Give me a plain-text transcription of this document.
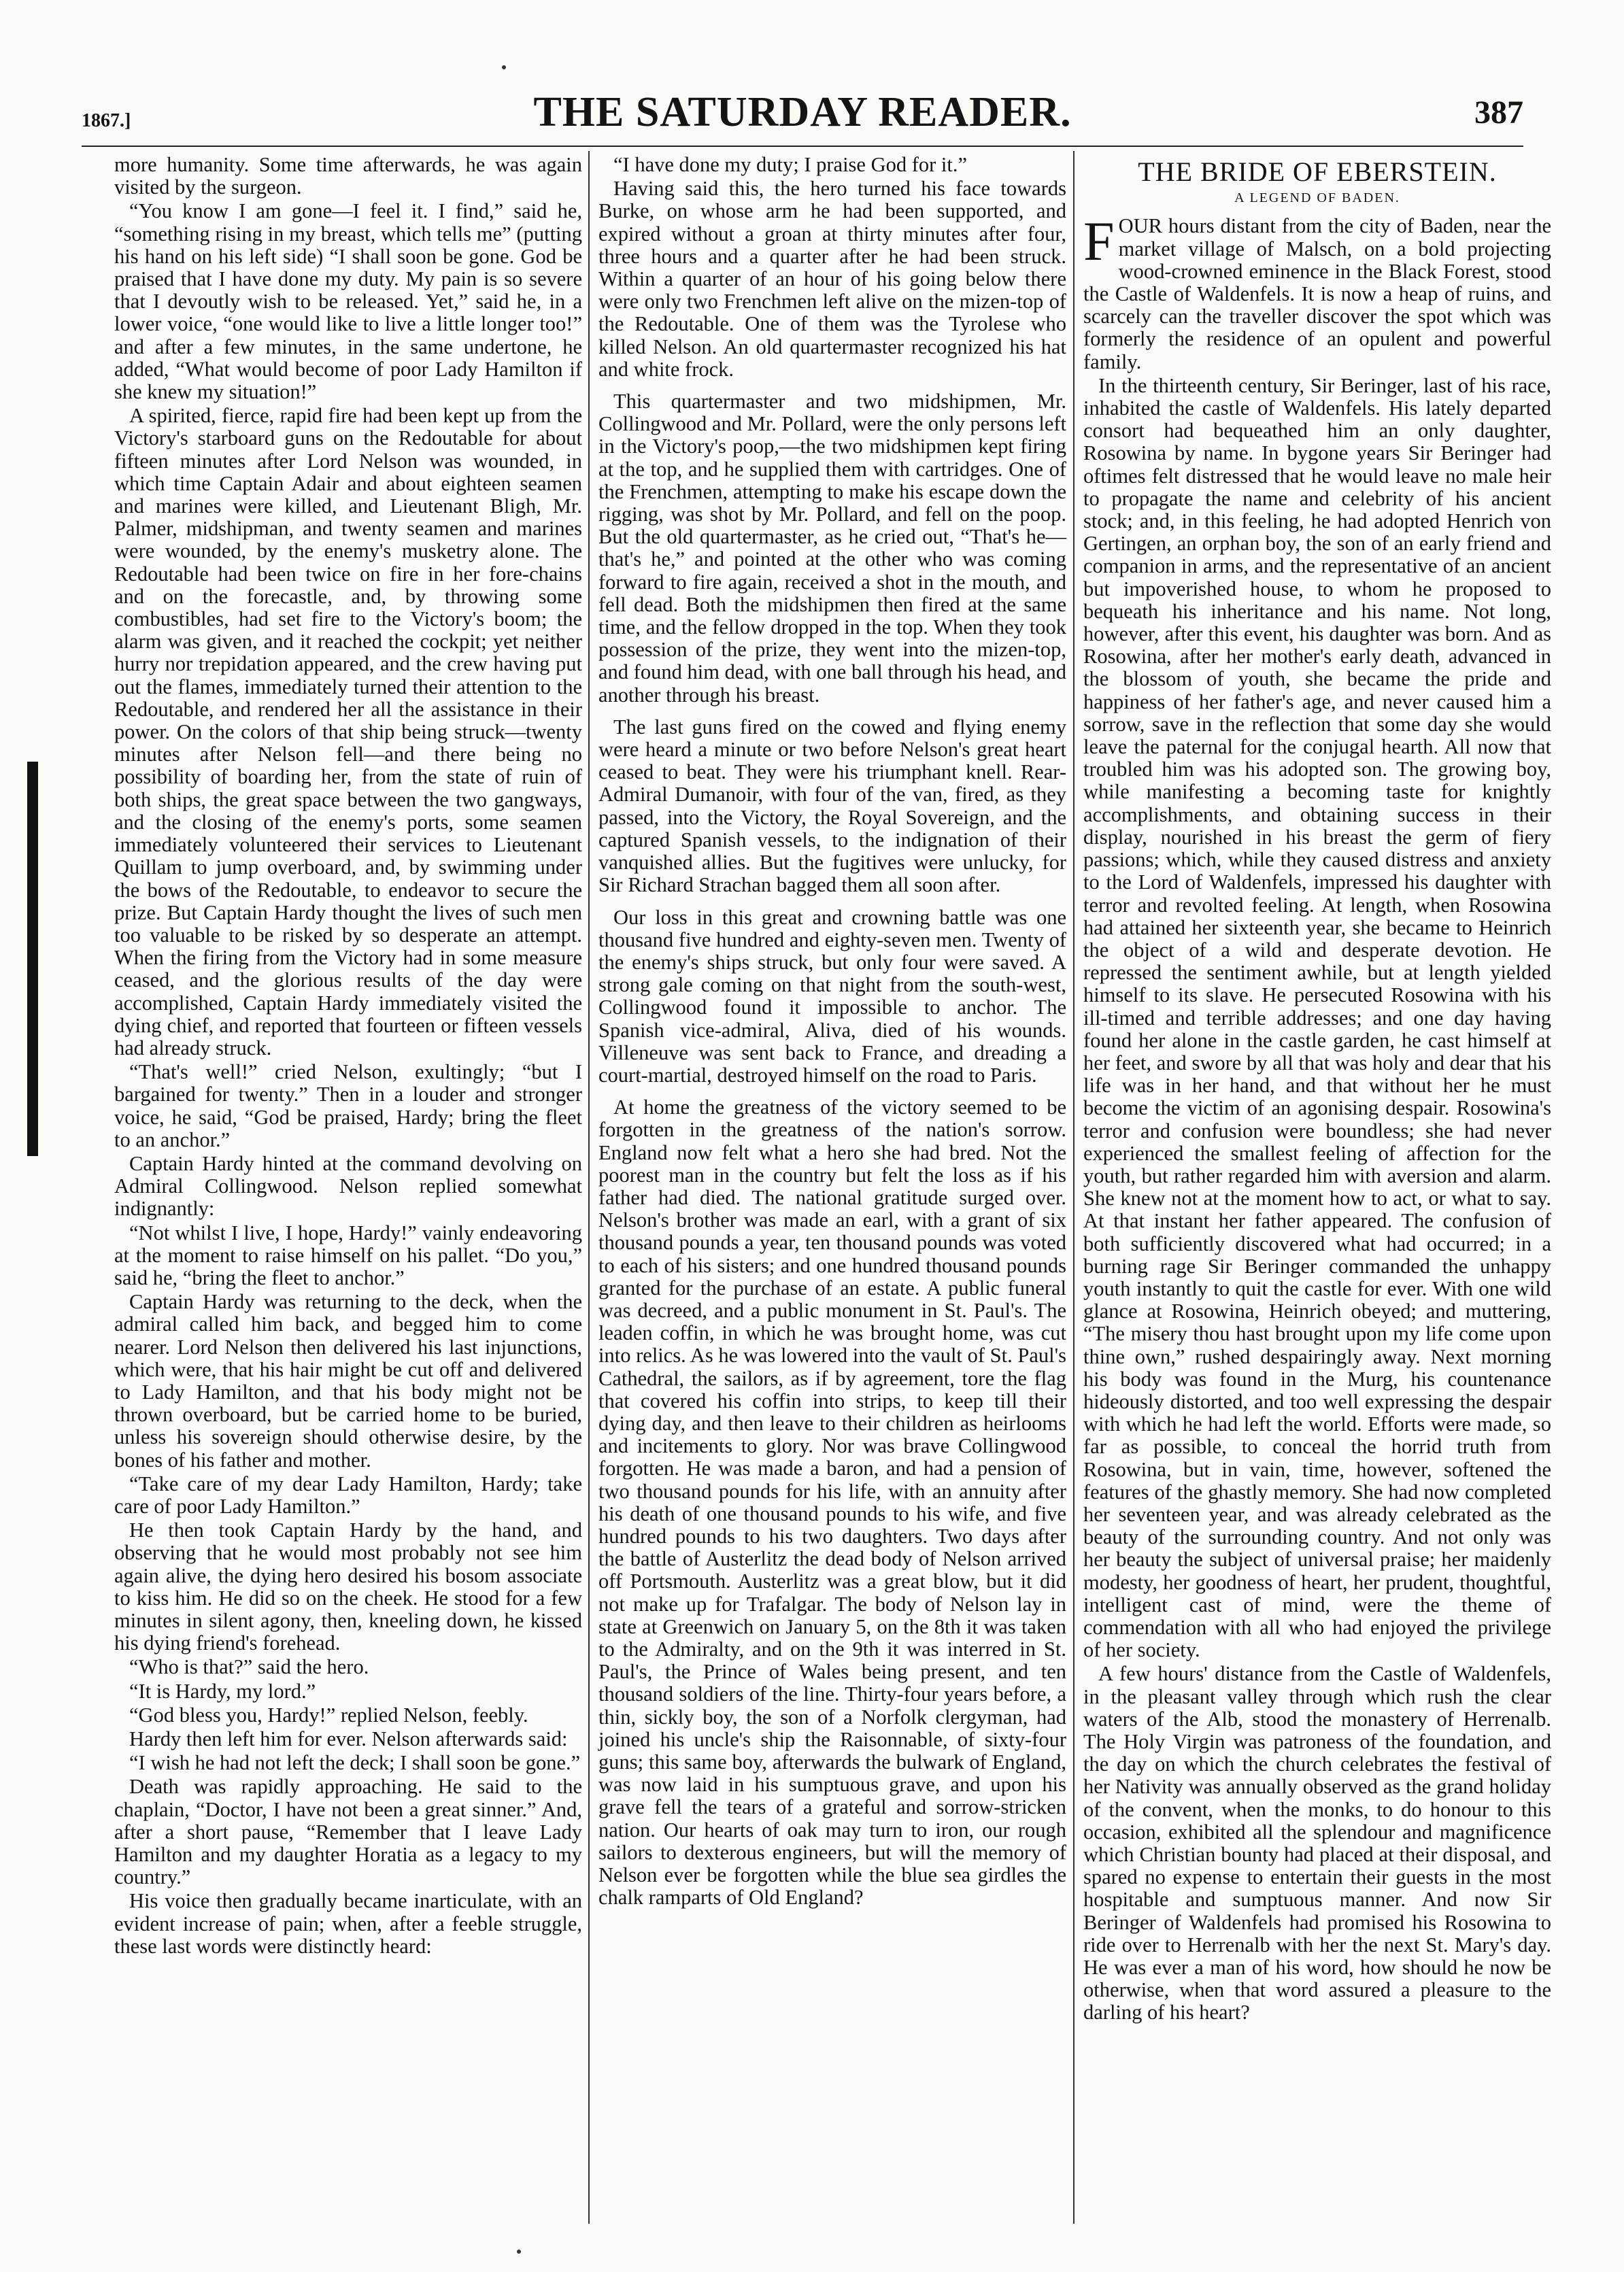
1867.]	THE SATURDAY READER.	387

more humanity. Some time afterwards, he was again visited by the surgeon.

“You know I am gone—I feel it. I find,” said he, “something rising in my breast, which tells me” (putting his hand on his left side) “I shall soon be gone. God be praised that I have done my duty. My pain is so severe that I devoutly wish to be released. Yet,” said he, in a lower voice, “one would like to live a little longer too!” and after a few minutes, in the same undertone, he added, “What would become of poor Lady Hamilton if she knew my situation!”

A spirited, fierce, rapid fire had been kept up from the Victory's starboard guns on the Redoutable for about fifteen minutes after Lord Nelson was wounded, in which time Captain Adair and about eighteen seamen and marines were killed, and Lieutenant Bligh, Mr. Palmer, midshipman, and twenty seamen and marines were wounded, by the enemy's musketry alone. The Redoutable had been twice on fire in her fore-chains and on the forecastle, and, by throwing some combustibles, had set fire to the Victory's boom; the alarm was given, and it reached the cockpit; yet neither hurry nor trepidation appeared, and the crew having put out the flames, immediately turned their attention to the Redoutable, and rendered her all the assistance in their power. On the colors of that ship being struck—twenty minutes after Nelson fell—and there being no possibility of boarding her, from the state of ruin of both ships, the great space between the two gangways, and the closing of the enemy's ports, some seamen immediately volunteered their services to Lieutenant Quillam to jump overboard, and, by swimming under the bows of the Redoutable, to endeavor to secure the prize. But Captain Hardy thought the lives of such men too valuable to be risked by so desperate an attempt. When the firing from the Victory had in some measure ceased, and the glorious results of the day were accomplished, Captain Hardy immediately visited the dying chief, and reported that fourteen or fifteen vessels had already struck.

“That's well!” cried Nelson, exultingly; “but I bargained for twenty.” Then in a louder and stronger voice, he said, “God be praised, Hardy; bring the fleet to an anchor.”

Captain Hardy hinted at the command devolving on Admiral Collingwood. Nelson replied somewhat indignantly:

“Not whilst I live, I hope, Hardy!” vainly endeavoring at the moment to raise himself on his pallet. “Do you,” said he, “bring the fleet to anchor.”

Captain Hardy was returning to the deck, when the admiral called him back, and begged him to come nearer. Lord Nelson then delivered his last injunctions, which were, that his hair might be cut off and delivered to Lady Hamilton, and that his body might not be thrown overboard, but be carried home to be buried, unless his sovereign should otherwise desire, by the bones of his father and mother.

“Take care of my dear Lady Hamilton, Hardy; take care of poor Lady Hamilton.”

He then took Captain Hardy by the hand, and observing that he would most probably not see him again alive, the dying hero desired his bosom associate to kiss him. He did so on the cheek. He stood for a few minutes in silent agony, then, kneeling down, he kissed his dying friend's forehead.

“Who is that?” said the hero.

“It is Hardy, my lord.”

“God bless you, Hardy!” replied Nelson, feebly.

Hardy then left him for ever. Nelson afterwards said:

“I wish he had not left the deck; I shall soon be gone.”

Death was rapidly approaching. He said to the chaplain, “Doctor, I have not been a great sinner.” And, after a short pause, “Remember that I leave Lady Hamilton and my daughter Horatia as a legacy to my country.”

His voice then gradually became inarticulate, with an evident increase of pain; when, after a feeble struggle, these last words were distinctly heard:

“I have done my duty; I praise God for it.”

Having said this, the hero turned his face towards Burke, on whose arm he had been supported, and expired without a groan at thirty minutes after four, three hours and a quarter after he had been struck. Within a quarter of an hour of his going below there were only two Frenchmen left alive on the mizen-top of the Redoutable. One of them was the Tyrolese who killed Nelson. An old quartermaster recognized his hat and white frock.

This quartermaster and two midshipmen, Mr. Collingwood and Mr. Pollard, were the only persons left in the Victory's poop,—the two midshipmen kept firing at the top, and he supplied them with cartridges. One of the Frenchmen, attempting to make his escape down the rigging, was shot by Mr. Pollard, and fell on the poop. But the old quartermaster, as he cried out, “That's he—that's he,” and pointed at the other who was coming forward to fire again, received a shot in the mouth, and fell dead. Both the midshipmen then fired at the same time, and the fellow dropped in the top. When they took possession of the prize, they went into the mizen-top, and found him dead, with one ball through his head, and another through his breast.

The last guns fired on the cowed and flying enemy were heard a minute or two before Nelson's great heart ceased to beat. They were his triumphant knell. Rear-Admiral Dumanoir, with four of the van, fired, as they passed, into the Victory, the Royal Sovereign, and the captured Spanish vessels, to the indignation of their vanquished allies. But the fugitives were unlucky, for Sir Richard Strachan bagged them all soon after.

Our loss in this great and crowning battle was one thousand five hundred and eighty-seven men. Twenty of the enemy's ships struck, but only four were saved. A strong gale coming on that night from the south-west, Collingwood found it impossible to anchor. The Spanish vice-admiral, Aliva, died of his wounds. Villeneuve was sent back to France, and dreading a court-martial, destroyed himself on the road to Paris.

At home the greatness of the victory seemed to be forgotten in the greatness of the nation's sorrow. England now felt what a hero she had bred. Not the poorest man in the country but felt the loss as if his father had died. The national gratitude surged over. Nelson's brother was made an earl, with a grant of six thousand pounds a year, ten thousand pounds was voted to each of his sisters; and one hundred thousand pounds granted for the purchase of an estate. A public funeral was decreed, and a public monument in St. Paul's. The leaden coffin, in which he was brought home, was cut into relics. As he was lowered into the vault of St. Paul's Cathedral, the sailors, as if by agreement, tore the flag that covered his coffin into strips, to keep till their dying day, and then leave to their children as heirlooms and incitements to glory. Nor was brave Collingwood forgotten. He was made a baron, and had a pension of two thousand pounds for his life, with an annuity after his death of one thousand pounds to his wife, and five hundred pounds to his two daughters. Two days after the battle of Austerlitz the dead body of Nelson arrived off Portsmouth. Austerlitz was a great blow, but it did not make up for Trafalgar. The body of Nelson lay in state at Greenwich on January 5, on the 8th it was taken to the Admiralty, and on the 9th it was interred in St. Paul's, the Prince of Wales being present, and ten thousand soldiers of the line. Thirty-four years before, a thin, sickly boy, the son of a Norfolk clergyman, had joined his uncle's ship the Raisonnable, of sixty-four guns; this same boy, afterwards the bulwark of England, was now laid in his sumptuous grave, and upon his grave fell the tears of a grateful and sorrow-stricken nation. Our hearts of oak may turn to iron, our rough sailors to dexterous engineers, but will the memory of Nelson ever be forgotten while the blue sea girdles the chalk ramparts of Old England?

THE BRIDE OF EBERSTEIN.
A LEGEND OF BADEN.

FOUR hours distant from the city of Baden, near the market village of Malsch, on a bold projecting wood-crowned eminence in the Black Forest, stood the Castle of Waldenfels. It is now a heap of ruins, and scarcely can the traveller discover the spot which was formerly the residence of an opulent and powerful family.

In the thirteenth century, Sir Beringer, last of his race, inhabited the castle of Waldenfels. His lately departed consort had bequeathed him an only daughter, Rosowina by name. In bygone years Sir Beringer had oftimes felt distressed that he would leave no male heir to propagate the name and celebrity of his ancient stock; and, in this feeling, he had adopted Henrich von Gertingen, an orphan boy, the son of an early friend and companion in arms, and the representative of an ancient but impoverished house, to whom he proposed to bequeath his inheritance and his name. Not long, however, after this event, his daughter was born. And as Rosowina, after her mother's early death, advanced in the blossom of youth, she became the pride and happiness of her father's age, and never caused him a sorrow, save in the reflection that some day she would leave the paternal for the conjugal hearth. All now that troubled him was his adopted son. The growing boy, while manifesting a becoming taste for knightly accomplishments, and obtaining success in their display, nourished in his breast the germ of fiery passions; which, while they caused distress and anxiety to the Lord of Waldenfels, impressed his daughter with terror and revolted feeling. At length, when Rosowina had attained her sixteenth year, she became to Heinrich the object of a wild and desperate devotion. He repressed the sentiment awhile, but at length yielded himself to its slave. He persecuted Rosowina with his ill-timed and terrible addresses; and one day having found her alone in the castle garden, he cast himself at her feet, and swore by all that was holy and dear that his life was in her hand, and that without her he must become the victim of an agonising despair. Rosowina's terror and confusion were boundless; she had never experienced the smallest feeling of affection for the youth, but rather regarded him with aversion and alarm. She knew not at the moment how to act, or what to say. At that instant her father appeared. The confusion of both sufficiently discovered what had occurred; in a burning rage Sir Beringer commanded the unhappy youth instantly to quit the castle for ever. With one wild glance at Rosowina, Heinrich obeyed; and muttering, “The misery thou hast brought upon my life come upon thine own,” rushed despairingly away. Next morning his body was found in the Murg, his countenance hideously distorted, and too well expressing the despair with which he had left the world. Efforts were made, so far as possible, to conceal the horrid truth from Rosowina, but in vain, time, however, softened the features of the ghastly memory. She had now completed her seventeen year, and was already celebrated as the beauty of the surrounding country. And not only was her beauty the subject of universal praise; her maidenly modesty, her goodness of heart, her prudent, thoughtful, intelligent cast of mind, were the theme of commendation with all who had enjoyed the privilege of her society.

A few hours' distance from the Castle of Waldenfels, in the pleasant valley through which rush the clear waters of the Alb, stood the monastery of Herrenalb. The Holy Virgin was patroness of the foundation, and the day on which the church celebrates the festival of her Nativity was annually observed as the grand holiday of the convent, when the monks, to do honour to this occasion, exhibited all the splendour and magnificence which Christian bounty had placed at their disposal, and spared no expense to entertain their guests in the most hospitable and sumptuous manner. And now Sir Beringer of Waldenfels had promised his Rosowina to ride over to Herrenalb with her the next St. Mary's day. He was ever a man of his word, how should he now be otherwise, when that word assured a pleasure to the darling of his heart?
